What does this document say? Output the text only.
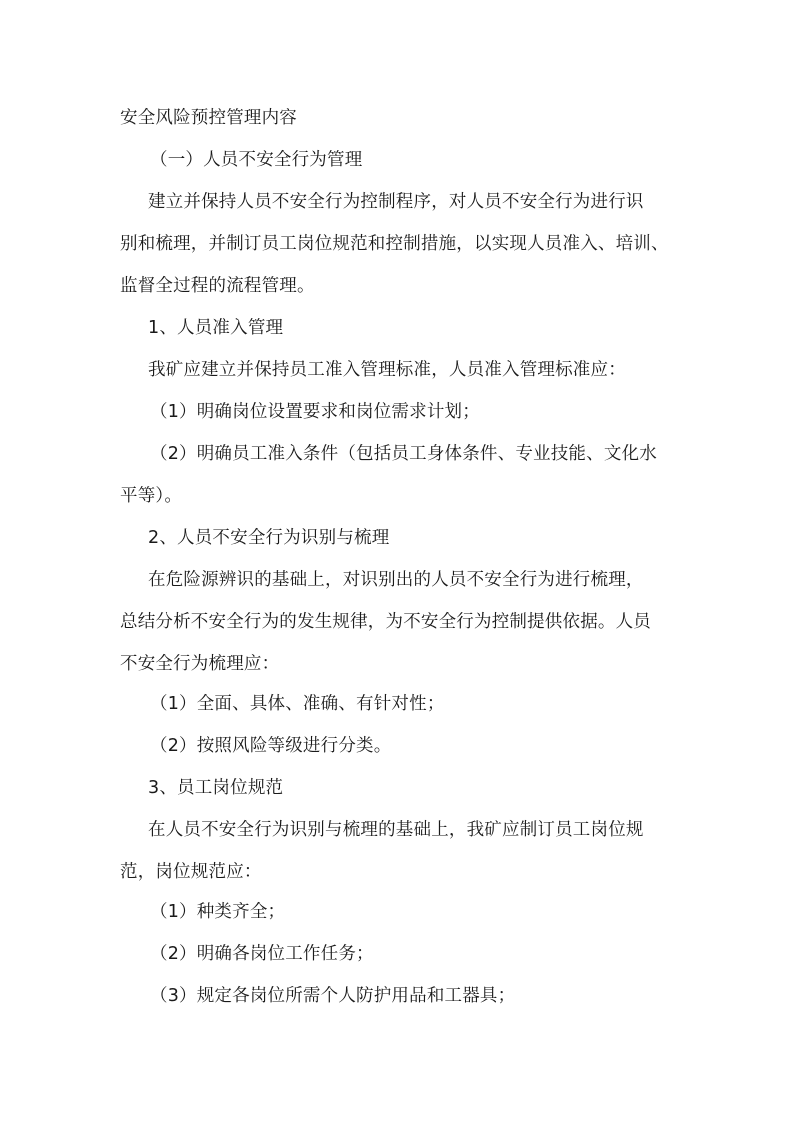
安全风险预控管理内容
（一）人员不安全行为管理
建立并保持人员不安全行为控制程序，对人员不安全行为进行识
别和梳理，并制订员工岗位规范和控制措施，以实现人员准入、培训、
监督全过程的流程管理。
1、人员准入管理
我矿应建立并保持员工准入管理标准，人员准入管理标准应：
（1）明确岗位设置要求和岗位需求计划；
（2）明确员工准入条件（包括员工身体条件、专业技能、文化水
平等）。
2、人员不安全行为识别与梳理
在危险源辨识的基础上，对识别出的人员不安全行为进行梳理，
总结分析不安全行为的发生规律，为不安全行为控制提供依据。人员
不安全行为梳理应：
（1）全面、具体、准确、有针对性；
（2）按照风险等级进行分类。
3、员工岗位规范
在人员不安全行为识别与梳理的基础上，我矿应制订员工岗位规
范，岗位规范应：
（1）种类齐全；
（2）明确各岗位工作任务；
（3）规定各岗位所需个人防护用品和工器具；
